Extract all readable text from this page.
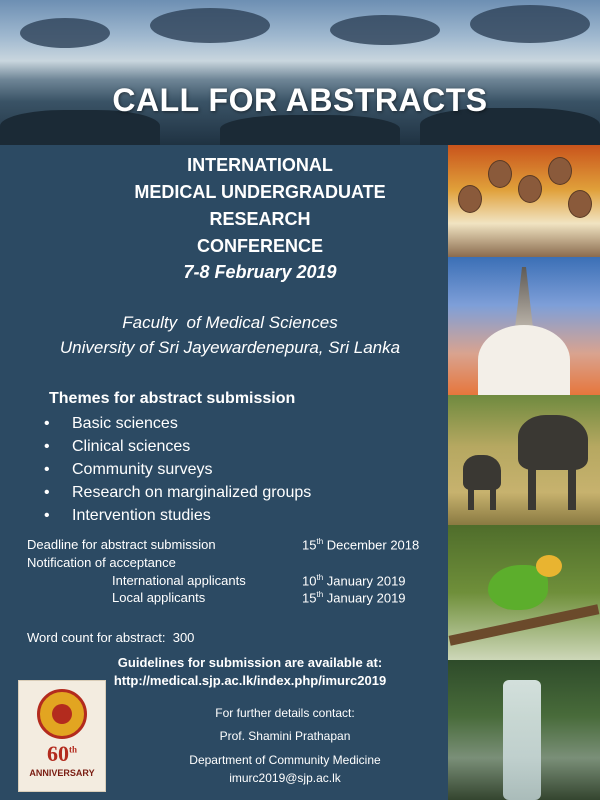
CALL FOR ABSTRACTS
INTERNATIONAL
MEDICAL UNDERGRADUATE RESEARCH
CONFERENCE
7-8 February 2019
Faculty  of Medical Sciences
University of Sri Jayewardenepura, Sri Lanka
Themes for abstract submission
• Basic sciences
• Clinical sciences
• Community surveys
• Research on marginalized groups
• Intervention studies
Deadline for abstract submission	15th December 2018
Notification of acceptance
International applicants	10th January 2019
Local applicants	15th January 2019
Word count for abstract:  300
Guidelines for submission are available at:
http://medical.sjp.ac.lk/index.php/imurc2019
For further details contact:
Prof. Shamini Prathapan
Department of Community Medicine
imurc2019@sjp.ac.lk
60th
ANNIVERSARY
